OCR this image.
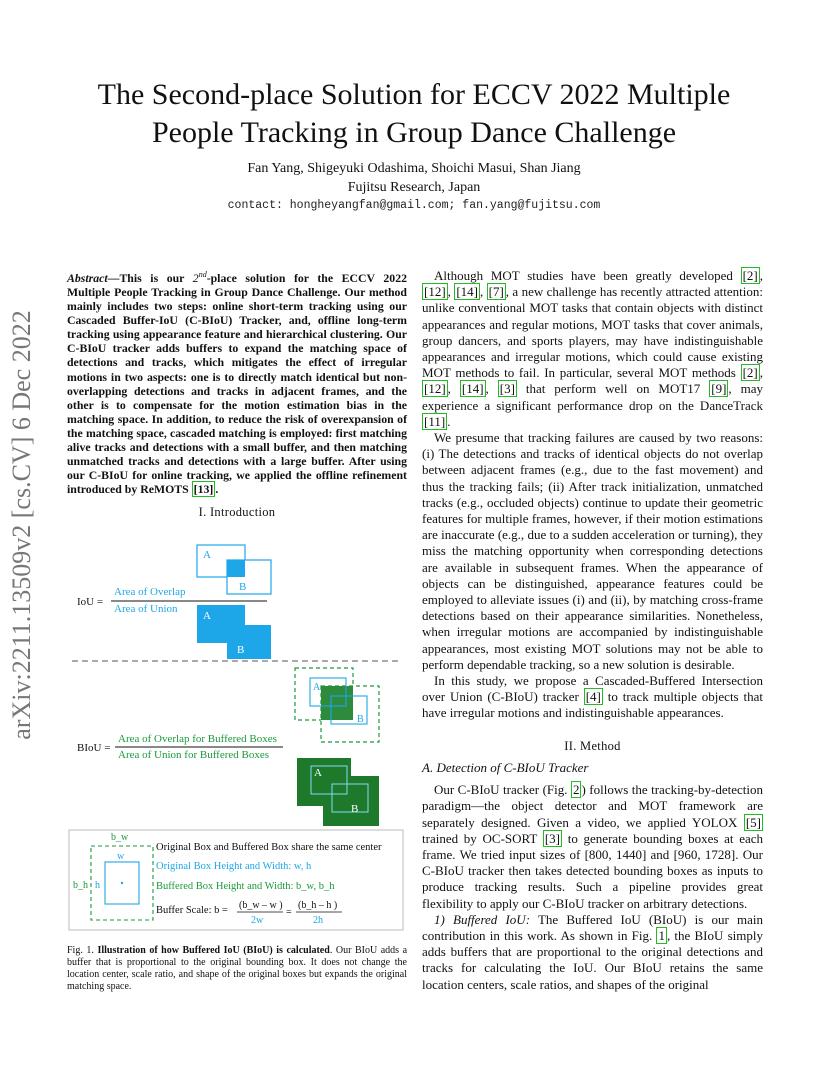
arXiv:2211.13509v2 [cs.CV] 6 Dec 2022
The Second-place Solution for ECCV 2022 Multiple
People Tracking in Group Dance Challenge
Fan Yang, Shigeyuki Odashima, Shoichi Masui, Shan Jiang
Fujitsu Research, Japan
contact: hongheyangfan@gmail.com; fan.yang@fujitsu.com
Abstract—This is our 2nd-place solution for the ECCV 2022 Multiple People Tracking in Group Dance Challenge. Our method mainly includes two steps: online short-term tracking using our Cascaded Buffer-IoU (C-BIoU) Tracker, and, offline long-term tracking using appearance feature and hierarchical clustering. Our C-BIoU tracker adds buffers to expand the matching space of detections and tracks, which mitigates the effect of irregular motions in two aspects: one is to directly match identical but non-overlapping detections and tracks in adjacent frames, and the other is to compensate for the motion estimation bias in the matching space. In addition, to reduce the risk of overexpansion of the matching space, cascaded matching is employed: first matching alive tracks and detections with a small buffer, and then matching unmatched tracks and detections with a large buffer. After using our C-BIoU for online tracking, we applied the offline refinement introduced by ReMOTS [13] .
I. Introduction
A
B
IoU =
Area of Overlap
Area of Union
A
B
A
B
BIoU =
Area of Overlap for Buffered Boxes
Area of Union for Buffered Boxes
A
B
b_w
w
b_h h
Original Box and Buffered Box share the same center
Original Box Height and Width: w, h
Buffered Box Height and Width: b_w, b_h
Buffer Scale: b = (b_w – w )
2w
=
(b_h – h )
2h
Fig. 1. Illustration of how Buffered IoU (BIoU) is calculated. Our BIoU adds a buffer that is proportional to the original bounding box. It does not change the location center, scale ratio, and shape of the original boxes but expands the original matching space.

Although MOT studies have been greatly developed [2] , [12] , [14] , [7] , a new challenge has recently attracted attention: unlike conventional MOT tasks that contain objects with distinct appearances and regular motions, MOT tasks that cover animals, group dancers, and sports players, may have indistinguishable appearances and irregular motions, which could cause existing MOT methods to fail. In particular, several MOT methods [2] , [12] , [14] , [3] that perform well on MOT17 [9] , may experience a significant performance drop on the DanceTrack [11] .

We presume that tracking failures are caused by two reasons: (i) The detections and tracks of identical objects do not overlap between adjacent frames (e.g., due to the fast movement) and thus the tracking fails; (ii) After track initialization, unmatched tracks (e.g., occluded objects) continue to update their geometric features for multiple frames, however, if their motion estimations are inaccurate (e.g., due to a sudden acceleration or turning), they miss the matching opportunity when corresponding detections are available in subsequent frames. When the appearance of objects can be distinguished, appearance features could be employed to alleviate issues (i) and (ii), by matching cross-frame detections based on their appearance similarities. Nonetheless, when irregular motions are accompanied by indistinguishable appearances, most existing MOT solutions may not be able to perform dependable tracking, so a new solution is desirable.

In this study, we propose a Cascaded-Buffered Intersection over Union (C-BIoU) tracker [4] to track multiple objects that have irregular motions and indistinguishable appearances.

II. Method
A. Detection of C-BIoU Tracker

Our C-BIoU tracker (Fig. 2 ) follows the tracking-by-detection paradigm—the object detector and MOT framework are separately designed. Given a video, we applied YOLOX [5] trained by OC-SORT [3] to generate bounding boxes at each frame. We tried input sizes of [800, 1440] and [960, 1728]. Our C-BIoU tracker then takes detected bounding boxes as inputs to produce tracking results. Such a pipeline provides great flexibility to apply our C-BIoU tracker on arbitrary detections.

1) Buffered IoU: The Buffered IoU (BIoU) is our main contribution in this work. As shown in Fig. 1 , the BIoU simply adds buffers that are proportional to the original detections and tracks for calculating the IoU. Our BIoU retains the same location centers, scale ratios, and shapes of the original
